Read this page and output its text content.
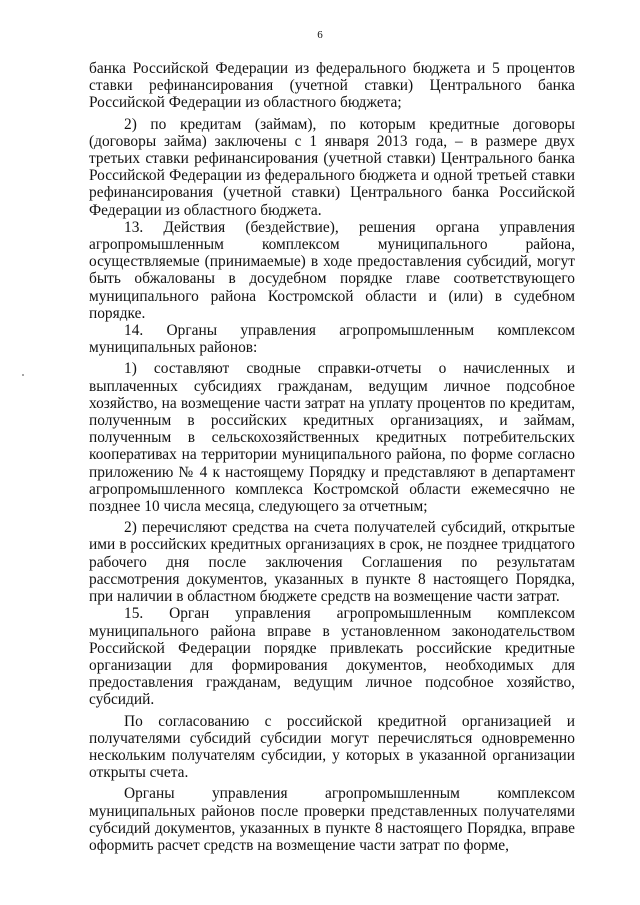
6

банка Российской Федерации из федерального бюджета и 5 процентов ставки рефинансирования (учетной ставки) Центрального банка Российской Федерации из областного бюджета;

2) по кредитам (займам), по которым кредитные договоры (договоры займа) заключены с 1 января 2013 года, – в размере двух третьих ставки рефинансирования (учетной ставки) Центрального банка Российской Федерации из федерального бюджета и одной третьей ставки рефинансирования (учетной ставки) Центрального банка Российской Федерации из областного бюджета.

13. Действия (бездействие), решения органа управления агропромышленным комплексом муниципального района, осуществляемые (принимаемые) в ходе предоставления субсидий, могут быть обжалованы в досудебном порядке главе соответствующего муниципального района Костромской области и (или) в судебном порядке.

14. Органы управления агропромышленным комплексом муниципальных районов:

1) составляют сводные справки-отчеты о начисленных и выплаченных субсидиях гражданам, ведущим личное подсобное хозяйство, на возмещение части затрат на уплату процентов по кредитам, полученным в российских кредитных организациях, и займам, полученным в сельскохозяйственных кредитных потребительских кооперативах на территории муниципального района, по форме согласно приложению № 4 к настоящему Порядку и представляют в департамент агропромышленного комплекса Костромской области ежемесячно не позднее 10 числа месяца, следующего за отчетным;

2) перечисляют средства на счета получателей субсидий, открытые ими в российских кредитных организациях в срок, не позднее тридцатого рабочего дня после заключения Соглашения по результатам рассмотрения документов, указанных в пункте 8 настоящего Порядка, при наличии в областном бюджете средств на возмещение части затрат.

15. Орган управления агропромышленным комплексом муниципального района вправе в установленном законодательством Российской Федерации порядке привлекать российские кредитные организации для формирования документов, необходимых для предоставления гражданам, ведущим личное подсобное хозяйство, субсидий.

По согласованию с российской кредитной организацией и получателями субсидий субсидии могут перечисляться одновременно нескольким получателям субсидии, у которых в указанной организации открыты счета.

Органы управления агропромышленным комплексом муниципальных районов после проверки представленных получателями субсидий документов, указанных в пункте 8 настоящего Порядка, вправе оформить расчет средств на возмещение части затрат по форме,
